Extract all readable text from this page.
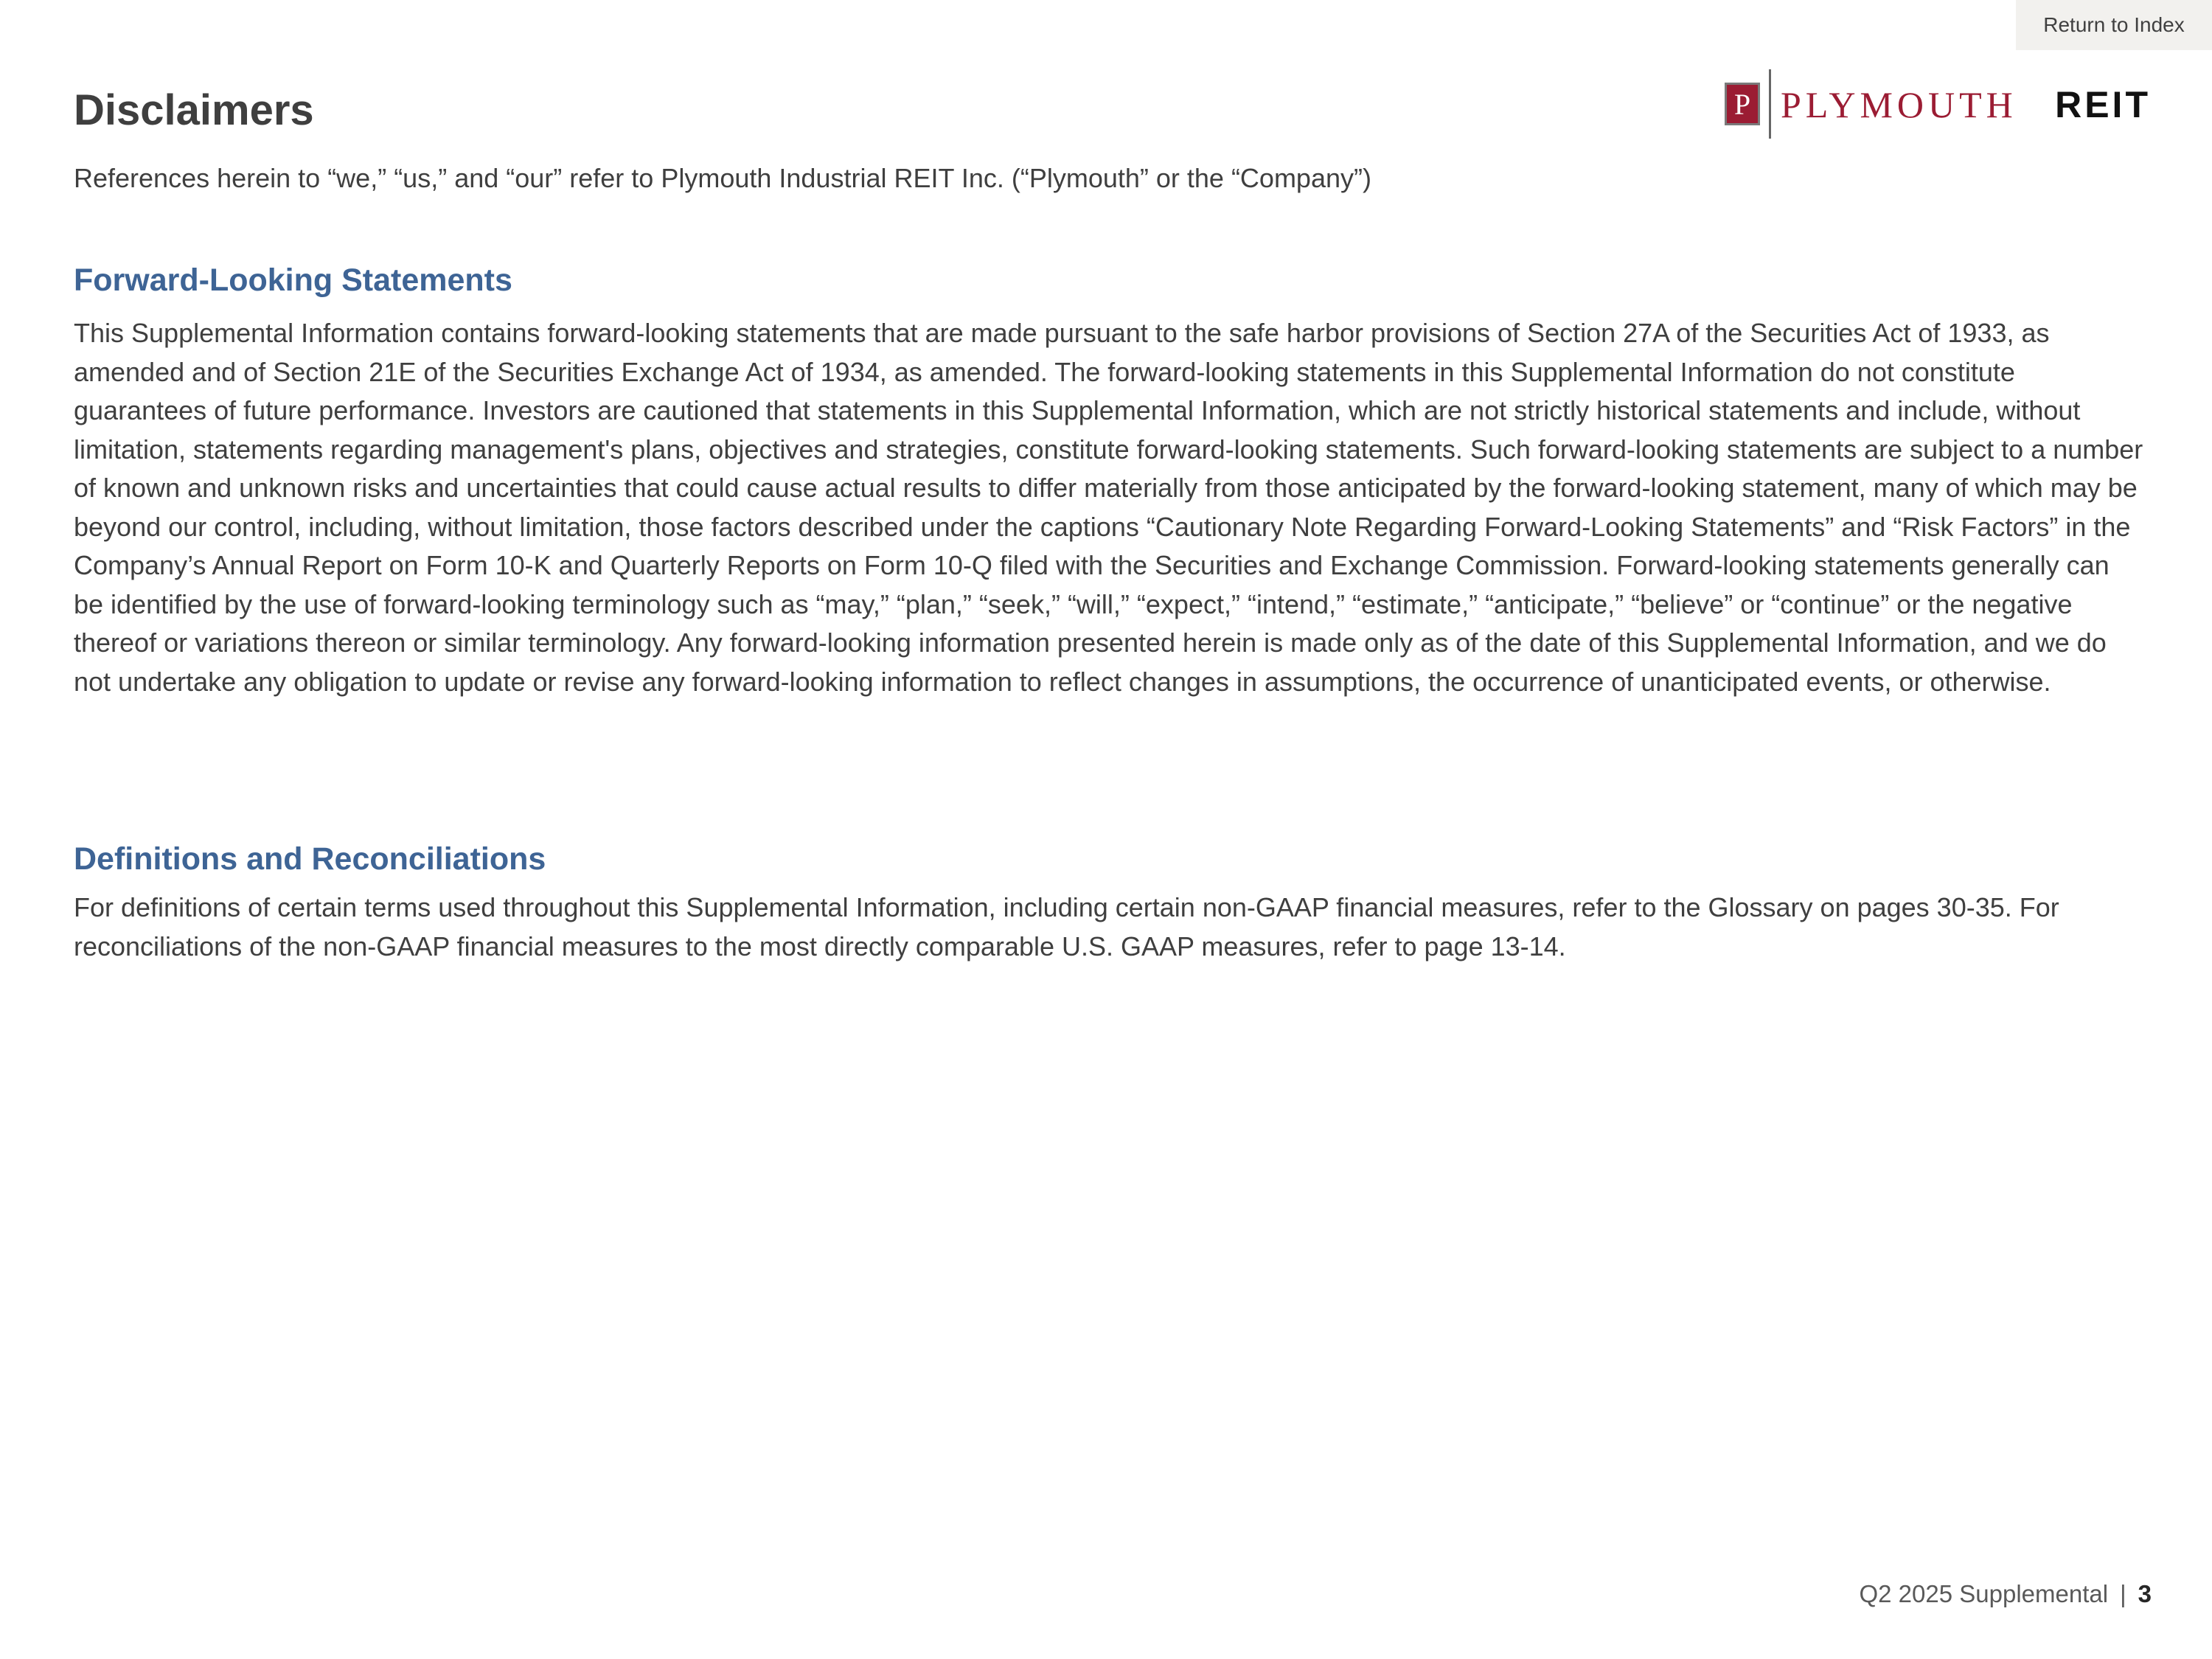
Return to Index
Disclaimers	P PLYMOUTH REIT

References herein to “we,” “us,” and “our” refer to Plymouth Industrial REIT Inc. (“Plymouth” or the “Company”)

Forward-Looking Statements

This Supplemental Information contains forward-looking statements that are made pursuant to the safe harbor provisions of Section 27A of the Securities Act of 1933, as amended and of Section 21E of the Securities Exchange Act of 1934, as amended. The forward-looking statements in this Supplemental Information do not constitute guarantees of future performance. Investors are cautioned that statements in this Supplemental Information, which are not strictly historical statements and include, without limitation, statements regarding management's plans, objectives and strategies, constitute forward-looking statements. Such forward-looking statements are subject to a number of known and unknown risks and uncertainties that could cause actual results to differ materially from those anticipated by the forward-looking statement, many of which may be beyond our control, including, without limitation, those factors described under the captions “Cautionary Note Regarding Forward-Looking Statements” and “Risk Factors” in the Company’s Annual Report on Form 10-K and Quarterly Reports on Form 10-Q filed with the Securities and Exchange Commission. Forward-looking statements generally can be identified by the use of forward-looking terminology such as “may,” “plan,” “seek,” “will,” “expect,” “intend,” “estimate,” “anticipate,” “believe” or “continue” or the negative thereof or variations thereon or similar terminology. Any forward-looking information presented herein is made only as of the date of this Supplemental Information, and we do not undertake any obligation to update or revise any forward-looking information to reflect changes in assumptions, the occurrence of unanticipated events, or otherwise.

Definitions and Reconciliations

For definitions of certain terms used throughout this Supplemental Information, including certain non-GAAP financial measures, refer to the Glossary on pages 30-35. For reconciliations of the non-GAAP financial measures to the most directly comparable U.S. GAAP measures, refer to page 13-14.

Q2 2025 Supplemental | 3
